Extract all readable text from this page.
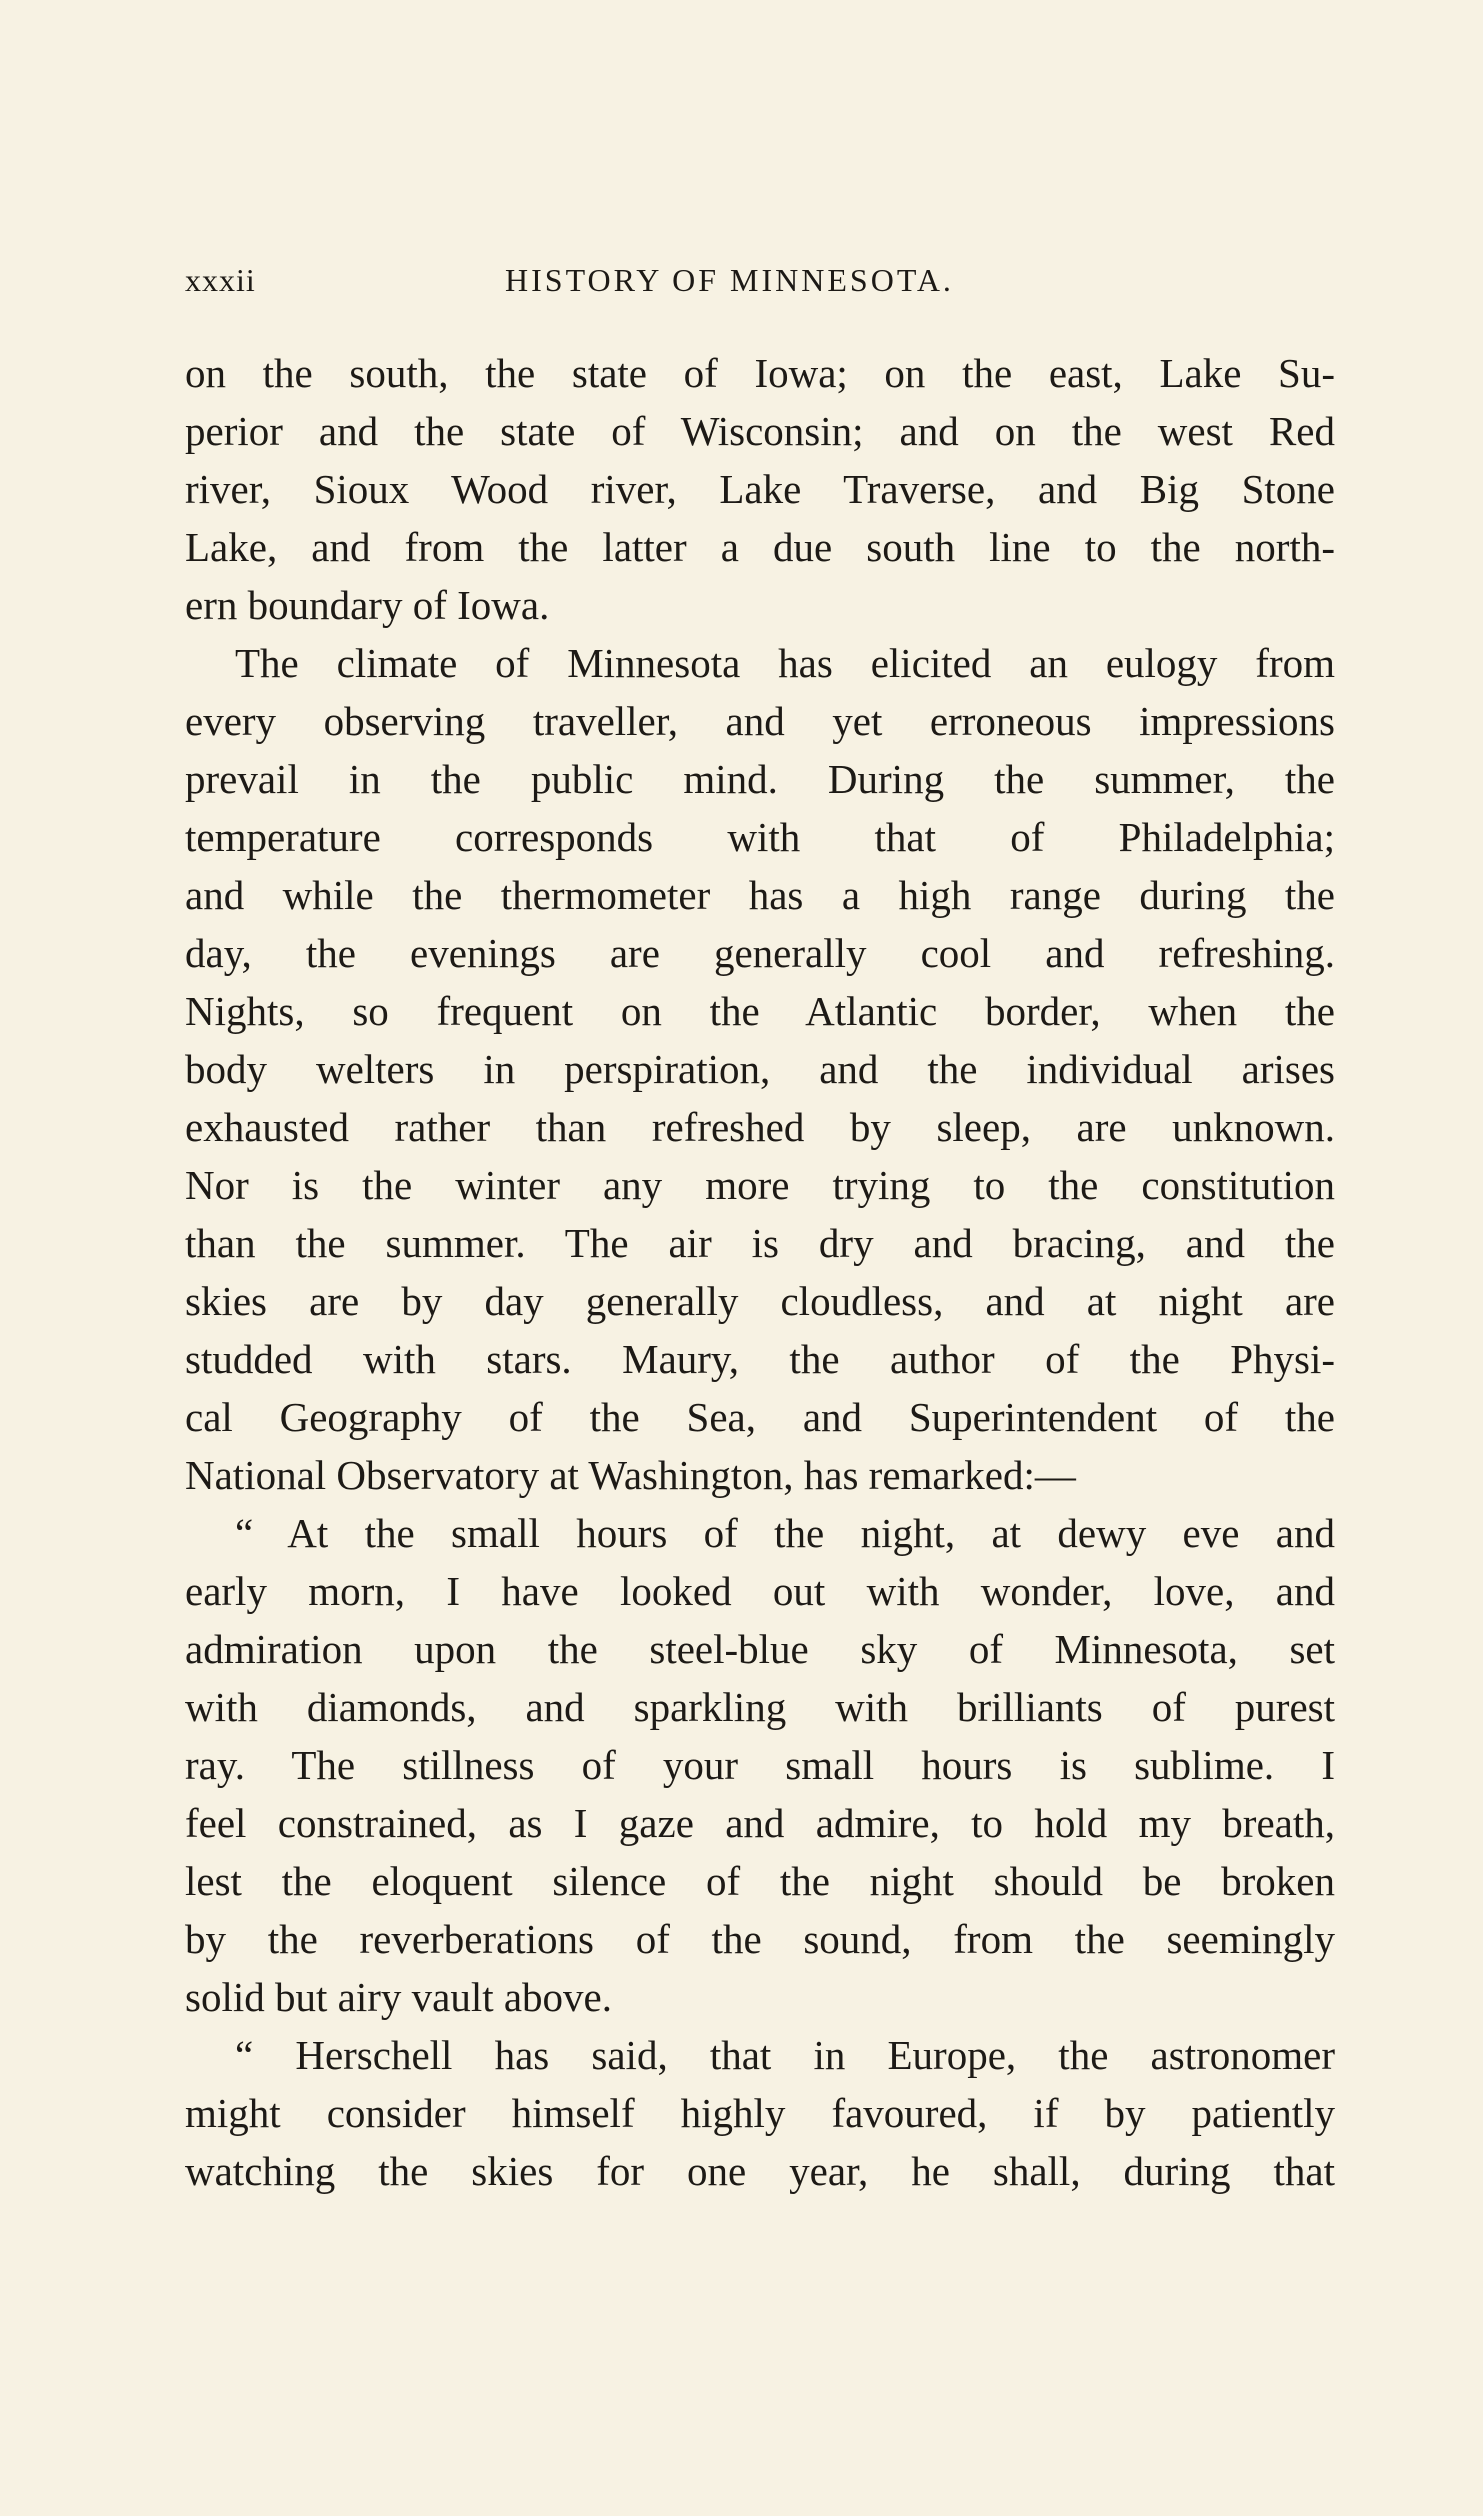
xxxii	HISTORY OF MINNESOTA.
on the south, the state of Iowa; on the east, Lake Su-
perior and the state of Wisconsin; and on the west Red
river, Sioux Wood river, Lake Traverse, and Big Stone
Lake, and from the latter a due south line to the north-
ern boundary of Iowa.
The climate of Minnesota has elicited an eulogy from
every observing traveller, and yet erroneous impressions
prevail in the public mind. During the summer, the
temperature corresponds with that of Philadelphia;
and while the thermometer has a high range during the
day, the evenings are generally cool and refreshing.
Nights, so frequent on the Atlantic border, when the
body welters in perspiration, and the individual arises
exhausted rather than refreshed by sleep, are unknown.
Nor is the winter any more trying to the constitution
than the summer. The air is dry and bracing, and the
skies are by day generally cloudless, and at night are
studded with stars. Maury, the author of the Physi-
cal Geography of the Sea, and Superintendent of the
National Observatory at Washington, has remarked:—
“ At the small hours of the night, at dewy eve and
early morn, I have looked out with wonder, love, and
admiration upon the steel-blue sky of Minnesota, set
with diamonds, and sparkling with brilliants of purest
ray. The stillness of your small hours is sublime. I
feel constrained, as I gaze and admire, to hold my breath,
lest the eloquent silence of the night should be broken
by the reverberations of the sound, from the seemingly
solid but airy vault above.
“ Herschell has said, that in Europe, the astronomer
might consider himself highly favoured, if by patiently
watching the skies for one year, he shall, during that
